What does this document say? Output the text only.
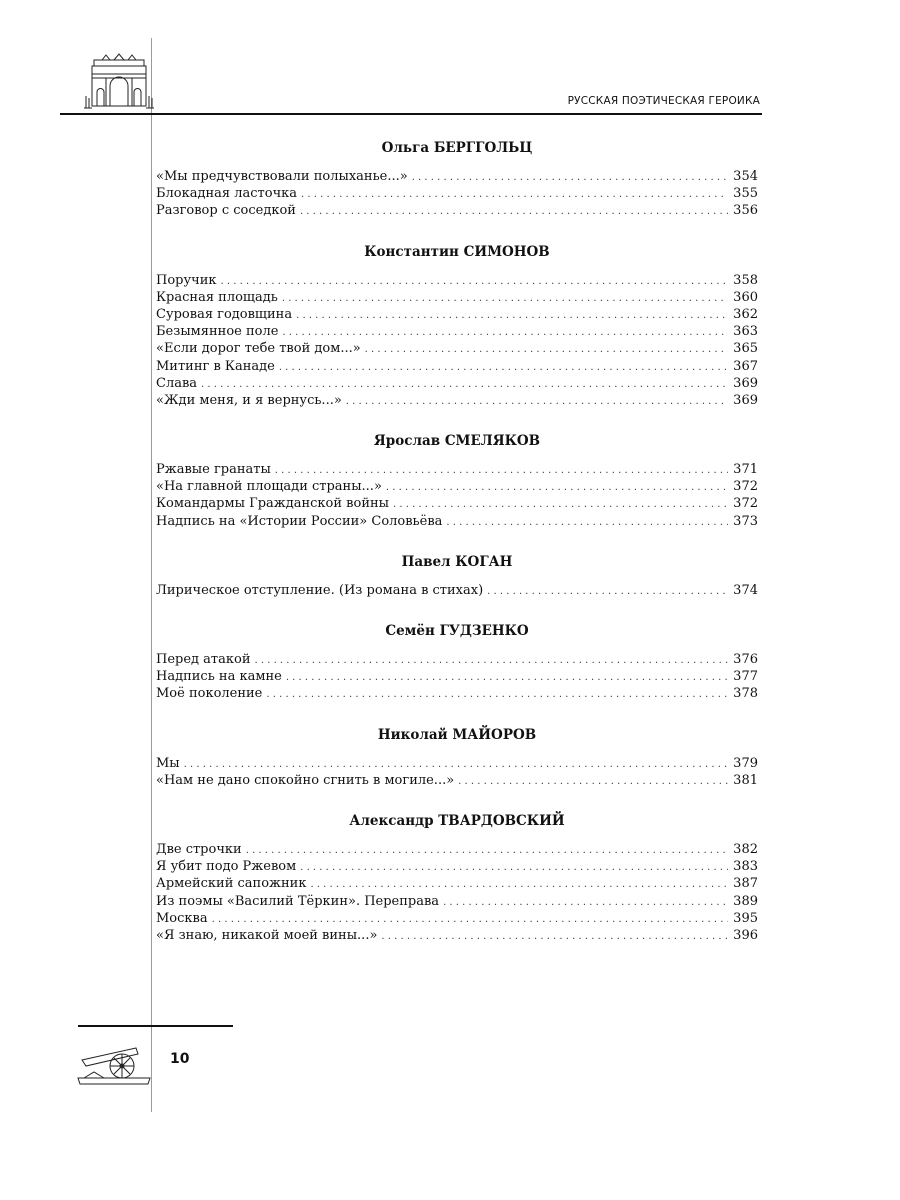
РУССКАЯ ПОЭТИЧЕСКАЯ ГЕРОИКА
Ольга БЕРГГОЛЬЦ
«Мы предчувствовали полыханье...» . . .	354
Блокадная ласточка . . .	355
Разговор с соседкой . . .	356
Константин СИМОНОВ
Поручик . . .	358
Красная площадь . . .	360
Суровая годовщина . . .	362
Безымянное поле . . .	363
«Если дорог тебе твой дом...» . . .	365
Митинг в Канаде . . .	367
Слава . . .	369
«Жди меня, и я вернусь...» . . .	369
Ярослав СМЕЛЯКОВ
Ржавые гранаты . . .	371
«На главной площади страны...» . . .	372
Командармы Гражданской войны . . .	372
Надпись на «Истории России» Соловьёва . . .	373
Павел КОГАН
Лирическое отступление. (Из романа в стихах) . . .	374
Семён ГУДЗЕНКО
Перед атакой . . .	376
Надпись на камне . . .	377
Моё поколение . . .	378
Николай МАЙОРОВ
Мы . . .	379
«Нам не дано спокойно сгнить в могиле...» . . .	381
Александр ТВАРДОВСКИЙ
Две строчки . . .	382
Я убит подо Ржевом . . .	383
Армейский сапожник . . .	387
Из поэмы «Василий Тёркин». Переправа . . .	389
Москва . . .	395
«Я знаю, никакой моей вины...» . . .	396
10
